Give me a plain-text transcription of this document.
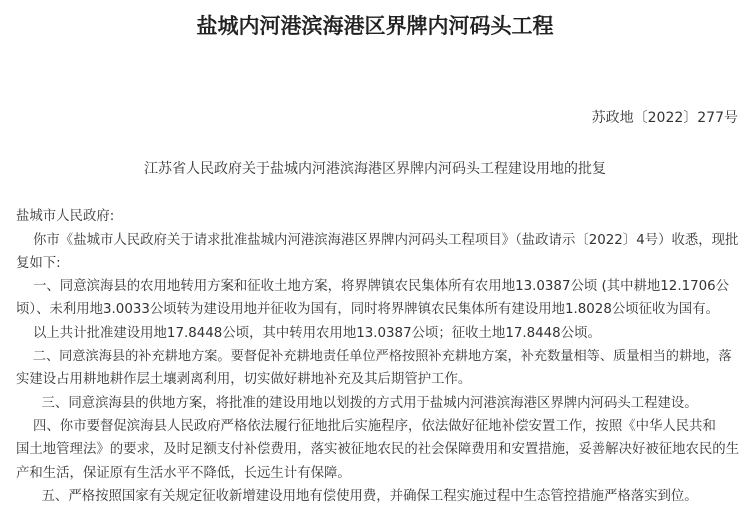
盐城内河港滨海港区界牌内河码头工程
苏政地〔2022〕277号
江苏省人民政府关于盐城内河港滨海港区界牌内河码头工程建设用地的批复
盐城市人民政府:
你市《盐城市人民政府关于请求批准盐城内河港滨海港区界牌内河码头工程项目》（盐政请示〔2022〕4号）收悉，现批
复如下:
一、同意滨海县的农用地转用方案和征收土地方案，将界牌镇农民集体所有农用地13.0387公顷 (其中耕地12.1706公
顷）、未利用地3.0033公顷转为建设用地并征收为国有，同时将界牌镇农民集体所有建设用地1.8028公顷征收为国有。
以上共计批准建设用地17.8448公顷，其中转用农用地13.0387公顷；征收土地17.8448公顷。
二、同意滨海县的补充耕地方案。要督促补充耕地责任单位严格按照补充耕地方案，补充数量相等、质量相当的耕地，落
实建设占用耕地耕作层土壤剥离利用，切实做好耕地补充及其后期管护工作。
三、同意滨海县的供地方案，将批准的建设用地以划拨的方式用于盐城内河港滨海港区界牌内河码头工程建设。
四、你市要督促滨海县人民政府严格依法履行征地批后实施程序，依法做好征地补偿安置工作，按照《中华人民共和
国土地管理法》的要求，及时足额支付补偿费用，落实被征地农民的社会保障费用和安置措施，妥善解决好被征地农民的生
产和生活，保证原有生活水平不降低，长远生计有保障。
五、严格按照国家有关规定征收新增建设用地有偿使用费，并确保工程实施过程中生态管控措施严格落实到位。
